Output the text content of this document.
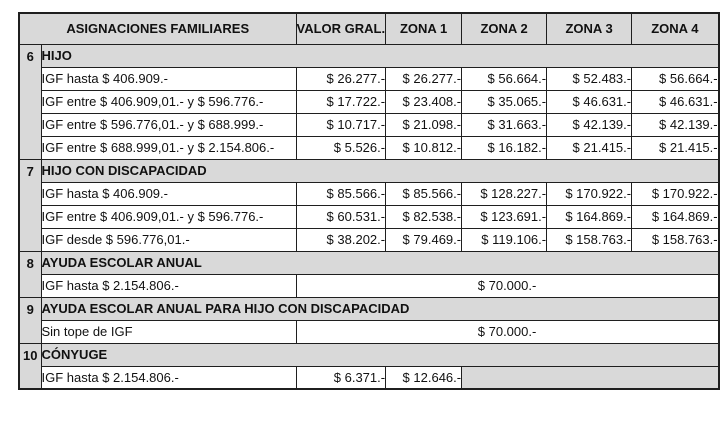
ASIGNACIONES FAMILIARES		VALOR GRAL.	ZONA 1	ZONA 2	ZONA 3	ZONA 4
6	HIJO					
	IGF hasta $ 406.909.-	$ 26.277.-	$ 26.277.-	$ 56.664.-	$ 52.483.-	$ 56.664.-
	IGF entre $ 406.909,01.- y $ 596.776.-	$ 17.722.-	$ 23.408.-	$ 35.065.-	$ 46.631.-	$ 46.631.-
	IGF entre $ 596.776,01.- y $ 688.999.-	$ 10.717.-	$ 21.098.-	$ 31.663.-	$ 42.139.-	$ 42.139.-
	IGF entre $ 688.999,01.- y $ 2.154.806.-	$ 5.526.-	$ 10.812.-	$ 16.182.-	$ 21.415.-	$ 21.415.-
7	HIJO CON DISCAPACIDAD					
	IGF hasta $ 406.909.-	$ 85.566.-	$ 85.566.-	$ 128.227.-	$ 170.922.-	$ 170.922.-
	IGF entre $ 406.909,01.- y $ 596.776.-	$ 60.531.-	$ 82.538.-	$ 123.691.-	$ 164.869.-	$ 164.869.-
	IGF desde $ 596.776,01.-	$ 38.202.-	$ 79.469.-	$ 119.106.-	$ 158.763.-	$ 158.763.-
8	AYUDA ESCOLAR ANUAL					
	IGF hasta $ 2.154.806.-	$ 70.000.-				
9	AYUDA ESCOLAR ANUAL PARA HIJO CON DISCAPACIDAD					
	Sin tope de IGF	$ 70.000.-				
10	CÓNYUGE					
	IGF hasta $ 2.154.806.-	$ 6.371.-	$ 12.646.-			
